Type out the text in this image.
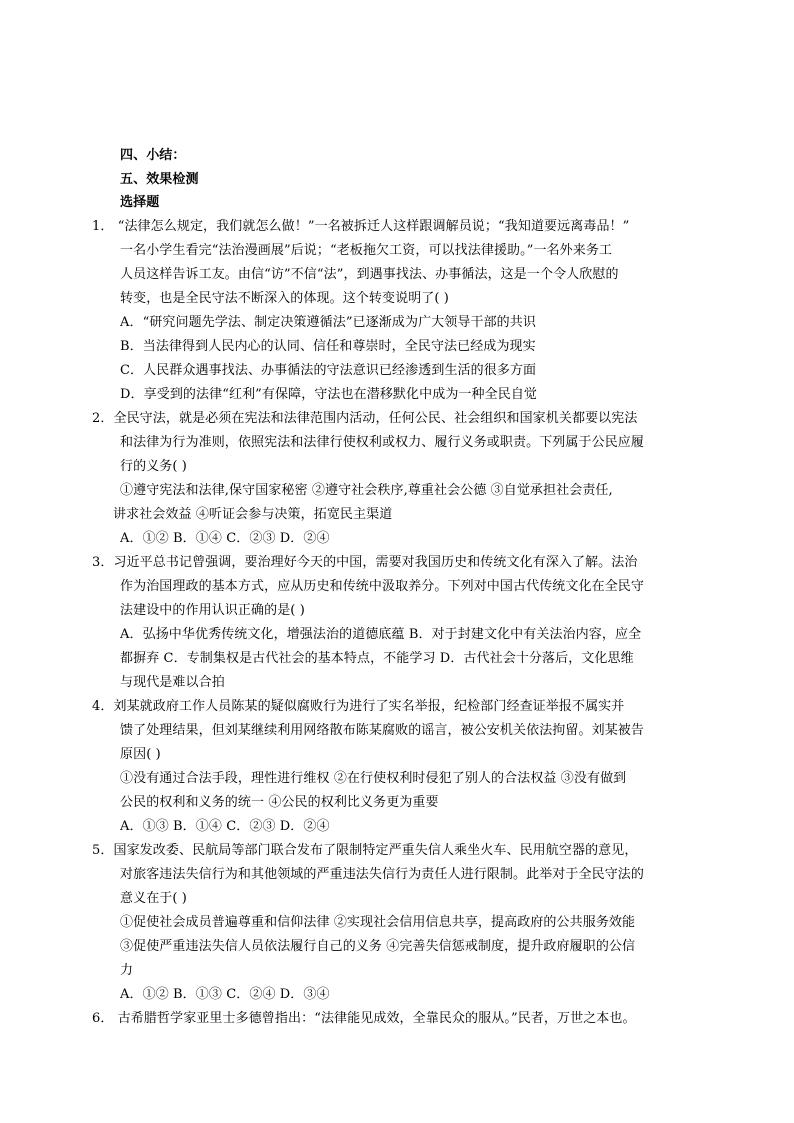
四、小结：
五、效果检测
选择题
1． “法律怎么规定，我们就怎么做！”一名被拆迁人这样跟调解员说；“我知道要远离毒品！”
一名小学生看完“法治漫画展”后说；“老板拖欠工资，可以找法律援助。”一名外来务工
人员这样告诉工友。由信“访”不信“法”，到遇事找法、办事循法，这是一个令人欣慰的
转变，也是全民守法不断深入的体现。这个转变说明了( )
A．“研究问题先学法、制定决策遵循法”已逐渐成为广大领导干部的共识
B．当法律得到人民内心的认同、信任和尊崇时，全民守法已经成为现实
C．人民群众遇事找法、办事循法的守法意识已经渗透到生活的很多方面
D．享受到的法律“红利”有保障，守法也在潜移默化中成为一种全民自觉
2．全民守法，就是必须在宪法和法律范围内活动，任何公民、社会组织和国家机关都要以宪法
和法律为行为准则，依照宪法和法律行使权利或权力、履行义务或职责。下列属于公民应履
行的义务( )
①遵守宪法和法律,保守国家秘密 ②遵守社会秩序,尊重社会公德 ③自觉承担社会责任,
讲求社会效益 ④听证会参与决策，拓宽民主渠道
A．①② B．①④ C．②③ D．②④
3．习近平总书记曾强调，要治理好今天的中国，需要对我国历史和传统文化有深入了解。法治
作为治国理政的基本方式，应从历史和传统中汲取养分。下列对中国古代传统文化在全民守
法建设中的作用认识正确的是( )
A．弘扬中华优秀传统文化，增强法治的道德底蕴 B．对于封建文化中有关法治内容，应全
都摒弃 C．专制集权是古代社会的基本特点，不能学习 D．古代社会十分落后，文化思维
与现代是难以合拍
4．刘某就政府工作人员陈某的疑似腐败行为进行了实名举报，纪检部门经查证举报不属实并
馈了处理结果，但刘某继续利用网络散布陈某腐败的谣言，被公安机关依法拘留。刘某被告
原因( )
①没有通过合法手段，理性进行维权 ②在行使权利时侵犯了别人的合法权益 ③没有做到
公民的权利和义务的统一 ④公民的权利比义务更为重要
A．①③ B．①④ C．②③ D．②④
5．国家发改委、民航局等部门联合发布了限制特定严重失信人乘坐火车、民用航空器的意见，
对旅客违法失信行为和其他领域的严重违法失信行为责任人进行限制。此举对于全民守法的
意义在于( )
①促使社会成员普遍尊重和信仰法律 ②实现社会信用信息共享，提高政府的公共服务效能
③促使严重违法失信人员依法履行自己的义务 ④完善失信惩戒制度，提升政府履职的公信
力
A．①② B．①③ C．②④ D．③④
6． 古希腊哲学家亚里士多德曾指出：“法律能见成效，全靠民众的服从。”民者，万世之本也。
